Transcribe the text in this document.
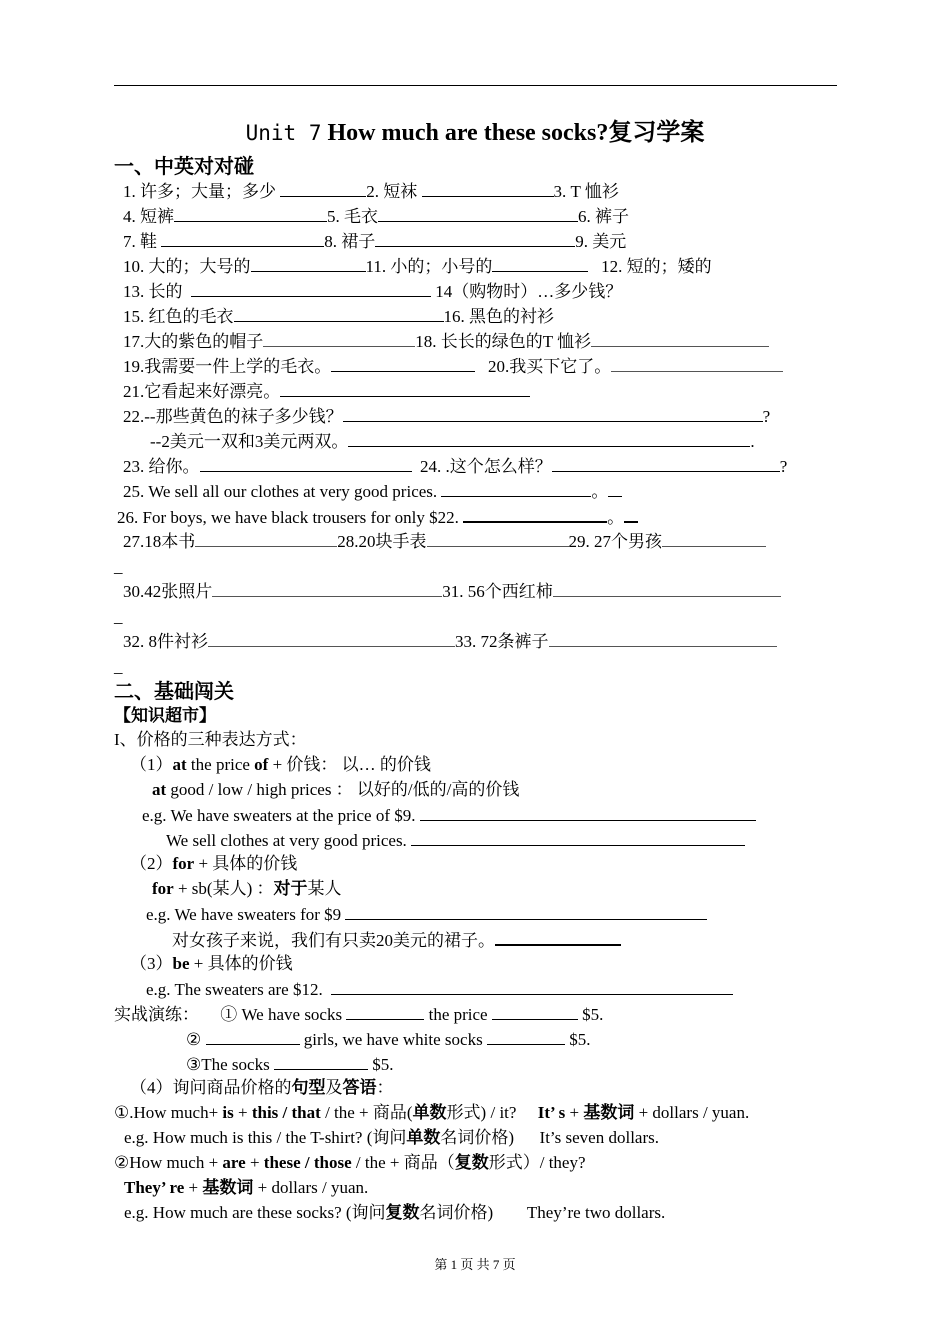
Unit 7 How much are these socks?复习学案
一、中英对对碰
1. 许多；大量；多少	2. 短袜	3. T 恤衫
4. 短裤	5. 毛衣	6. 裤子
7. 鞋	8. 裙子	9. 美元
10. 大的；大号的	11. 小的；小号的	12. 短的；矮的
13. 长的	14（购物时）…多少钱？
15. 红色的毛衣	16. 黑色的衬衫
17.大的紫色的帽子	18. 长长的绿色的T 恤衫
19.我需要一件上学的毛衣。	20.我买下它了。
21.它看起来好漂亮。
22.--那些黄色的袜子多少钱？	?
--2美元一双和3美元两双。	.
23. 给你。	24. .这个怎么样？	?
25. We sell all our clothes at very good prices.	。
26. For boys, we have black trousers for only $22.	。
27.18本书	28.20块手表	29. 27个男孩
_
30.42张照片	31. 56个西红柿
_
32. 8件衬衫	33. 72条裤子
_
二、基础闯关
【知识超市】
I、价格的三种表达方式：
（1）at the price of + 价钱： 以… 的价钱
at good / low / high prices ： 以好的/低的/高的价钱
e.g. We have sweaters at the price of $9.
We sell clothes at very good prices.
（2）for + 具体的价钱
for + sb(某人) ：对于某人
e.g. We have sweaters for $9
对女孩子来说，我们有只卖20美元的裙子。
（3）be + 具体的价钱
e.g. The sweaters are $12.
实战演练： ① We have socks	the price	$5.
②	girls, we have white socks	$5.
③The socks	$5.
（4）询问商品价格的句型及答语：
①.How much+ is + this / that / the + 商品(单数形式) / it? It’ s + 基数词 + dollars / yuan.
e.g. How much is this / the T-shirt? (询问单数名词价格) It’s seven dollars.
②How much + are + these / those / the + 商品（复数形式）/ they?
They’ re + 基数词 + dollars / yuan.
e.g. How much are these socks? (询问复数名词价格) They’re two dollars.
第 1 页 共 7 页
